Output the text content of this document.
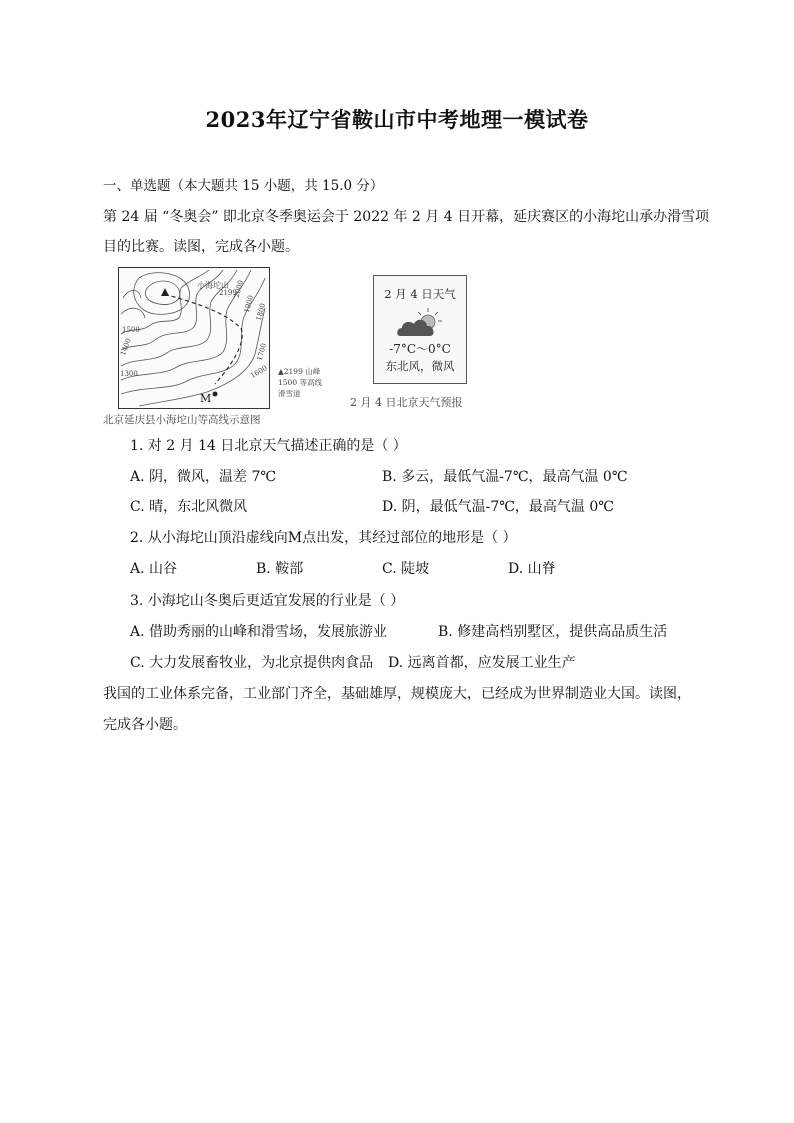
2023年辽宁省鞍山市中考地理一模试卷
一、单选题（本大题共 15 小题，共 15.0 分）
第 24 届 “冬奥会” 即北京冬季奥运会于 2022 年 2 月 4 日开幕，延庆赛区的小海坨山承办滑雪项
目的比赛。读图，完成各小题。
小海坨山
2199
2000
1900 1800
1700
1600
1500
1400
1300
M
▲2199 山峰
1500 等高线
滑雪道
北京延庆县小海坨山等高线示意图
2 月 4 日天气
-7°C～0°C
东北风，微风
2 月 4 日北京天气预报
1. 对 2 月 14 日北京天气描述正确的是（ ）
A. 阴，微风，温差 7℃	B. 多云，最低气温-7℃，最高气温 0℃
C. 晴，东北风微风	D. 阴，最低气温-7℃，最高气温 0℃
2. 从小海坨山顶沿虚线向M点出发，其经过部位的地形是（ ）
A. 山谷	B. 鞍部	C. 陡坡	D. 山脊
3. 小海坨山冬奥后更适宜发展的行业是（ ）
A. 借助秀丽的山峰和滑雪场，发展旅游业	B. 修建高档别墅区，提供高品质生活
C. 大力发展畜牧业，为北京提供肉食品 D. 远离首都，应发展工业生产
我国的工业体系完备，工业部门齐全，基础雄厚，规模庞大，已经成为世界制造业大国。读图，
完成各小题。
